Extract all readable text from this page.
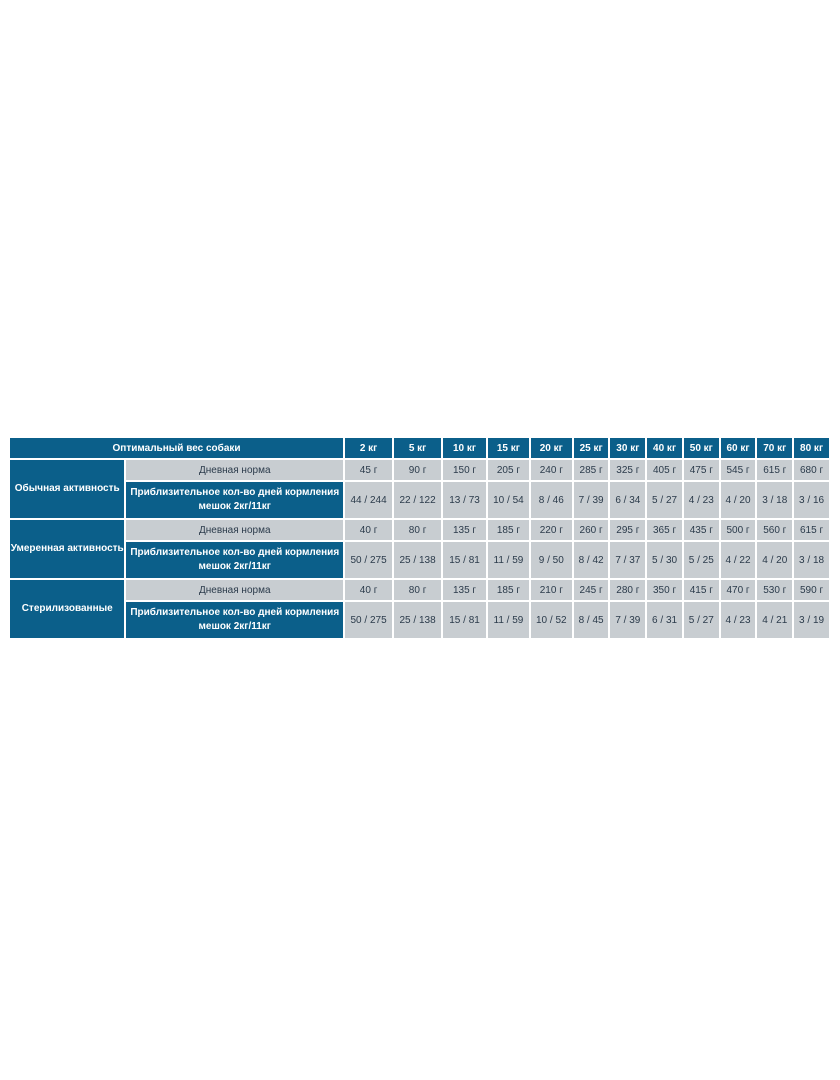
Оптимальный вес собаки		2 кг	5 кг	10 кг	15 кг	20 кг	25 кг	30 кг	40 кг	50 кг	60 кг	70 кг	80 кг
Обычная активность	Дневная норма	45 г	90 г	150 г	205 г	240 г	285 г	325 г	405 г	475 г	545 г	615 г	680 г
	Приблизительное кол-во дней кормления мешок 2кг/11кг	44 / 244	22 / 122	13 / 73	10 / 54	8 / 46	7 / 39	6 / 34	5 / 27	4 / 23	4 / 20	3 / 18	3 / 16
Умеренная активность	Дневная норма	40 г	80 г	135 г	185 г	220 г	260 г	295 г	365 г	435 г	500 г	560 г	615 г
	Приблизительное кол-во дней кормления мешок 2кг/11кг	50 / 275	25 / 138	15 / 81	11 / 59	9 / 50	8 / 42	7 / 37	5 / 30	5 / 25	4 / 22	4 / 20	3 / 18
Стерилизованные	Дневная норма	40 г	80 г	135 г	185 г	210 г	245 г	280 г	350 г	415 г	470 г	530 г	590 г
	Приблизительное кол-во дней кормления мешок 2кг/11кг	50 / 275	25 / 138	15 / 81	11 / 59	10 / 52	8 / 45	7 / 39	6 / 31	5 / 27	4 / 23	4 / 21	3 / 19
